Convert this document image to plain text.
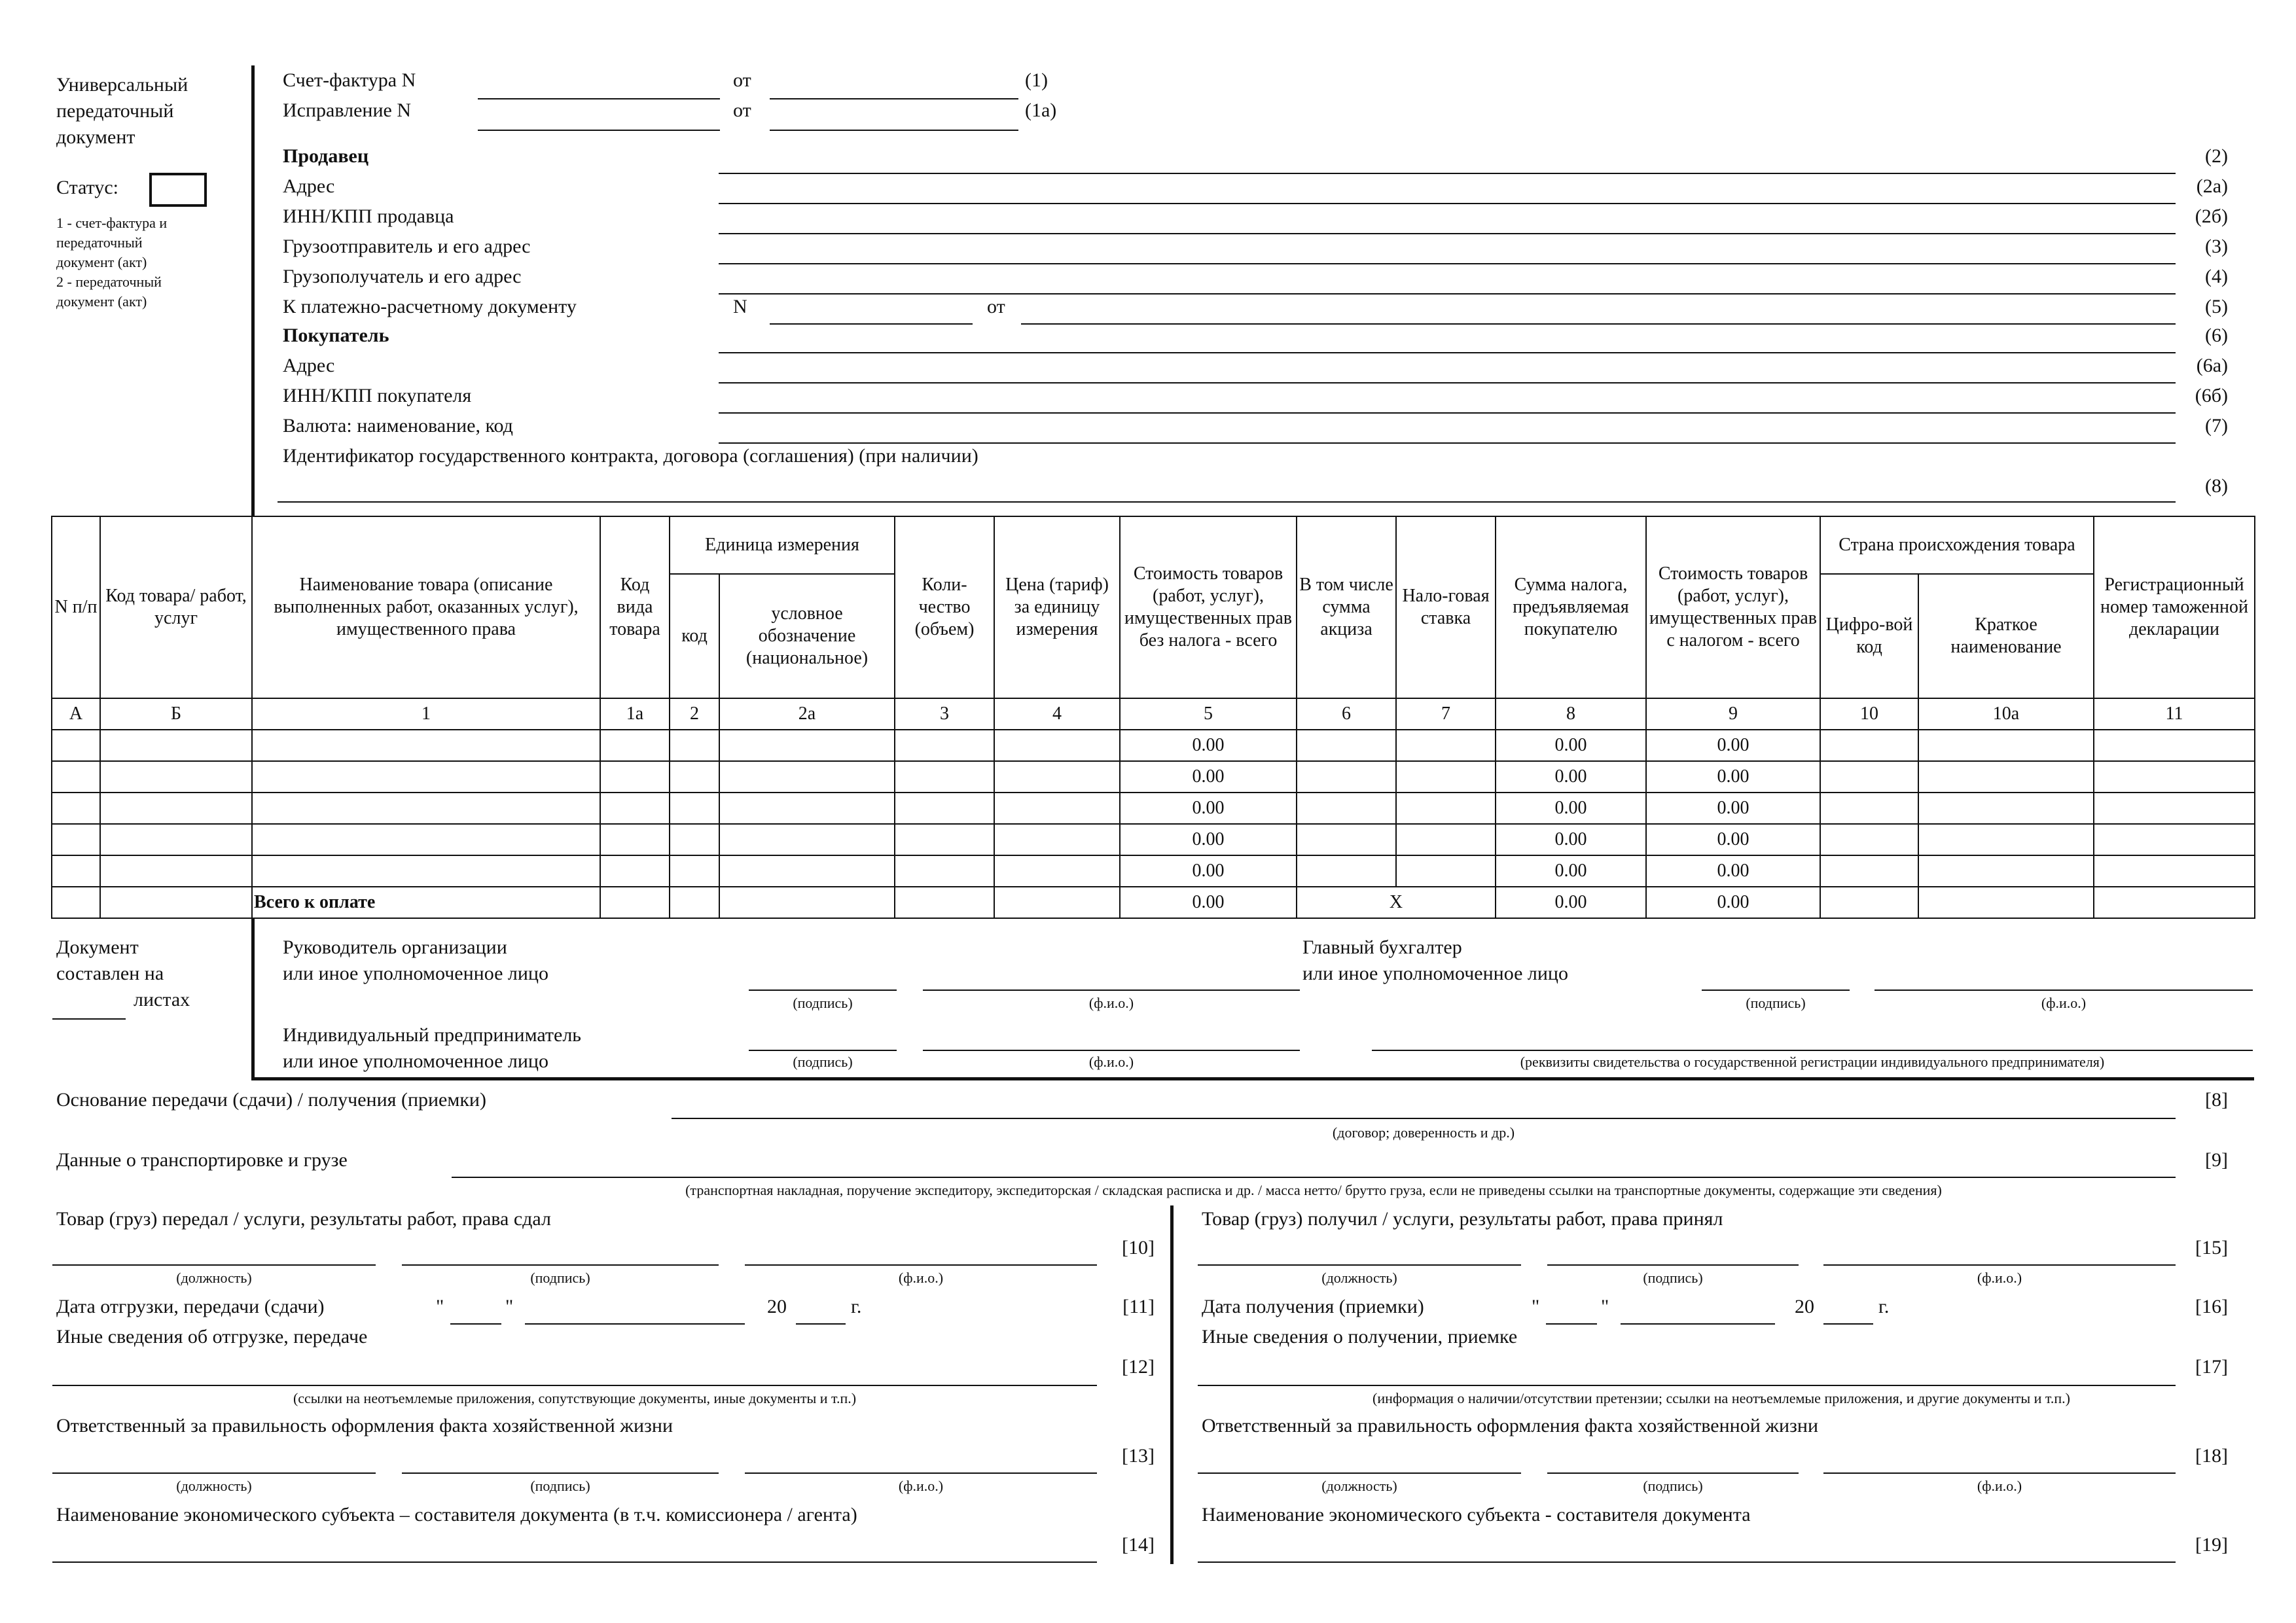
Универсальный
передаточный
документ
Статус:
1 - счет-фактура и
передаточный
документ (акт)
2 - передаточный
документ (акт)
Счет-фактура N	от	(1)
Исправление N	от	(1а)
Продавец	(2)
Адрес	(2а)
ИНН/КПП продавца	(2б)
Грузоотправитель и его адрес	(3)
Грузополучатель и его адрес	(4)
К платежно-расчетному документу	N	от	(5)
Покупатель	(6)
Адрес	(6а)
ИНН/КПП покупателя	(6б)
Валюта: наименование, код	(7)
Идентификатор государственного контракта, договора (соглашения) (при наличии)
(8)
N п/п	Код товара/ работ, услуг	Наименование товара (описание выполненных работ, оказанных услуг), имущественного права	Код вида товара	Единица измерения		Коли-чество (объем)	Цена (тариф) за единицу измерения	Стоимость товаров (работ, услуг), имущественных прав без налога - всего	В том числе сумма акциза	Нало-говая ставка	Сумма налога, предъявляемая покупателю	Стоимость товаров (работ, услуг), имущественных прав с налогом - всего	Страна происхождения товара		Регистрационный номер таможенной декларации
				код	условное обозначение (национальное)								Цифро-вой код	Краткое наименование	
А	Б	1	1а	2	2а	3	4	5	6	7	8	9	10	10а	11
								0.00			0.00	0.00			
								0.00			0.00	0.00			
								0.00			0.00	0.00			
								0.00			0.00	0.00			
								0.00			0.00	0.00			
		Всего к оплате						0.00	X		0.00	0.00			
Документ
составлен на
листах
Руководитель организации
или иное уполномоченное лицо
(подпись)	(ф.и.о.)
Главный бухгалтер
или иное уполномоченное лицо
(подпись)	(ф.и.о.)
Индивидуальный предприниматель
или иное уполномоченное лицо	(подпись)	(ф.и.о.)	(реквизиты свидетельства о государственной регистрации индивидуального предпринимателя)
Основание передачи (сдачи) / получения (приемки)	[8]
(договор; доверенность и др.)
Данные о транспортировке и грузе	[9]
(транспортная накладная, поручение экспедитору, экспедиторская / складская расписка и др. / масса нетто/ брутто груза, если не приведены ссылки на транспортные документы, содержащие эти сведения)
Товар (груз) передал / услуги, результаты работ, права сдал
(должность)	(подпись)	(ф.и.о.)
[10]
Дата отгрузки, передачи (сдачи)	"	"	20	г.	[11]
Иные сведения об отгрузке, передаче
[12]
(ссылки на неотъемлемые приложения, сопутствующие документы, иные документы и т.п.)
Ответственный за правильность оформления факта хозяйственной жизни
(должность)	(подпись)	(ф.и.о.)
[13]
Наименование экономического субъекта – составителя документа (в т.ч. комиссионера / агента)
[14]
Товар (груз) получил / услуги, результаты работ, права принял
(должность)	(подпись)	(ф.и.о.)
[15]
Дата получения (приемки)	"	"	20	г.	[16]
Иные сведения о получении, приемке
[17]
(информация о наличии/отсутствии претензии; ссылки на неотъемлемые приложения, и другие документы и т.п.)
Ответственный за правильность оформления факта хозяйственной жизни
(должность)	(подпись)	(ф.и.о.)
[18]
Наименование экономического субъекта - составителя документа
[19]
